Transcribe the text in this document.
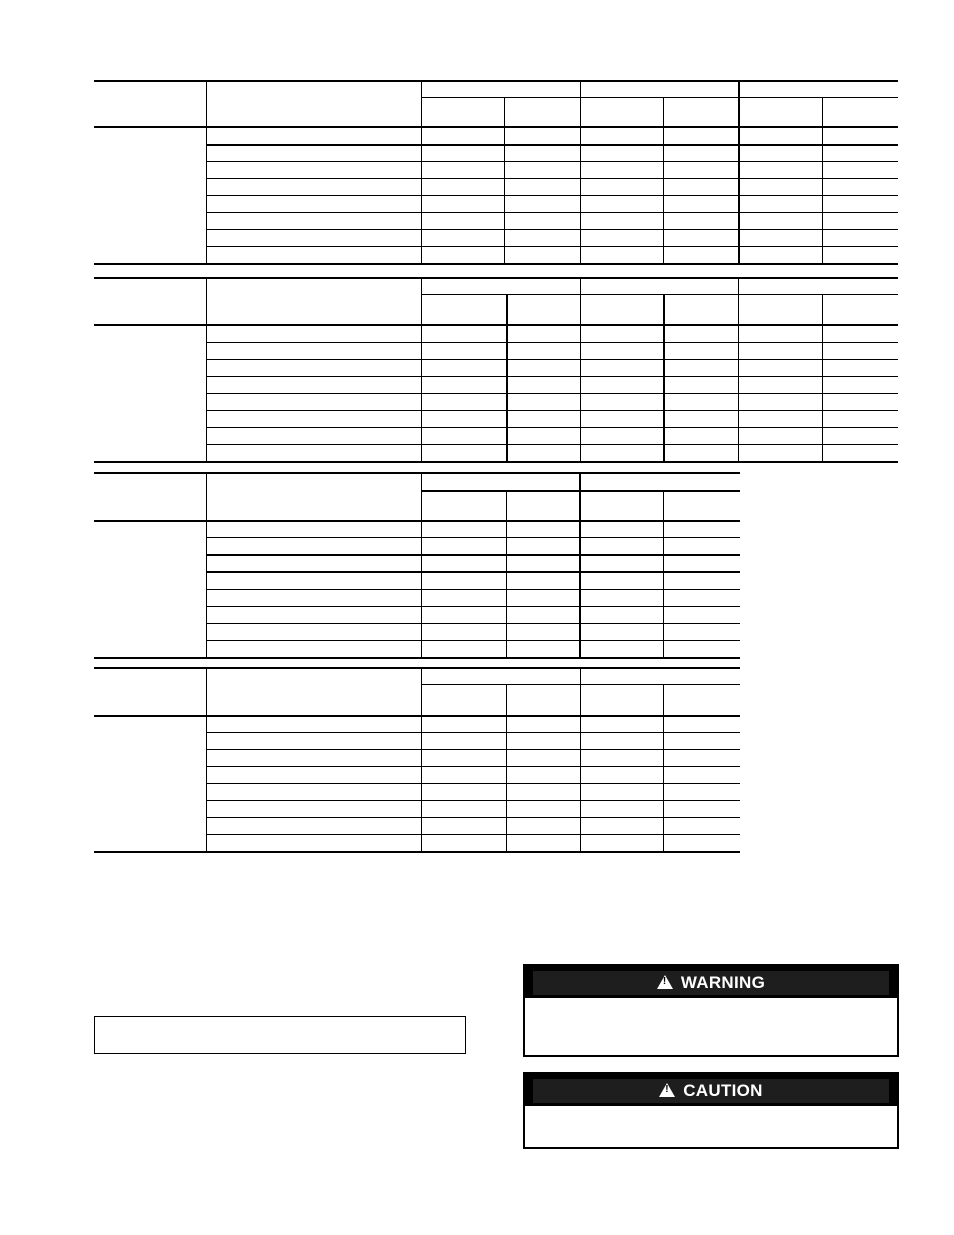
!
WARNING
!
CAUTION
